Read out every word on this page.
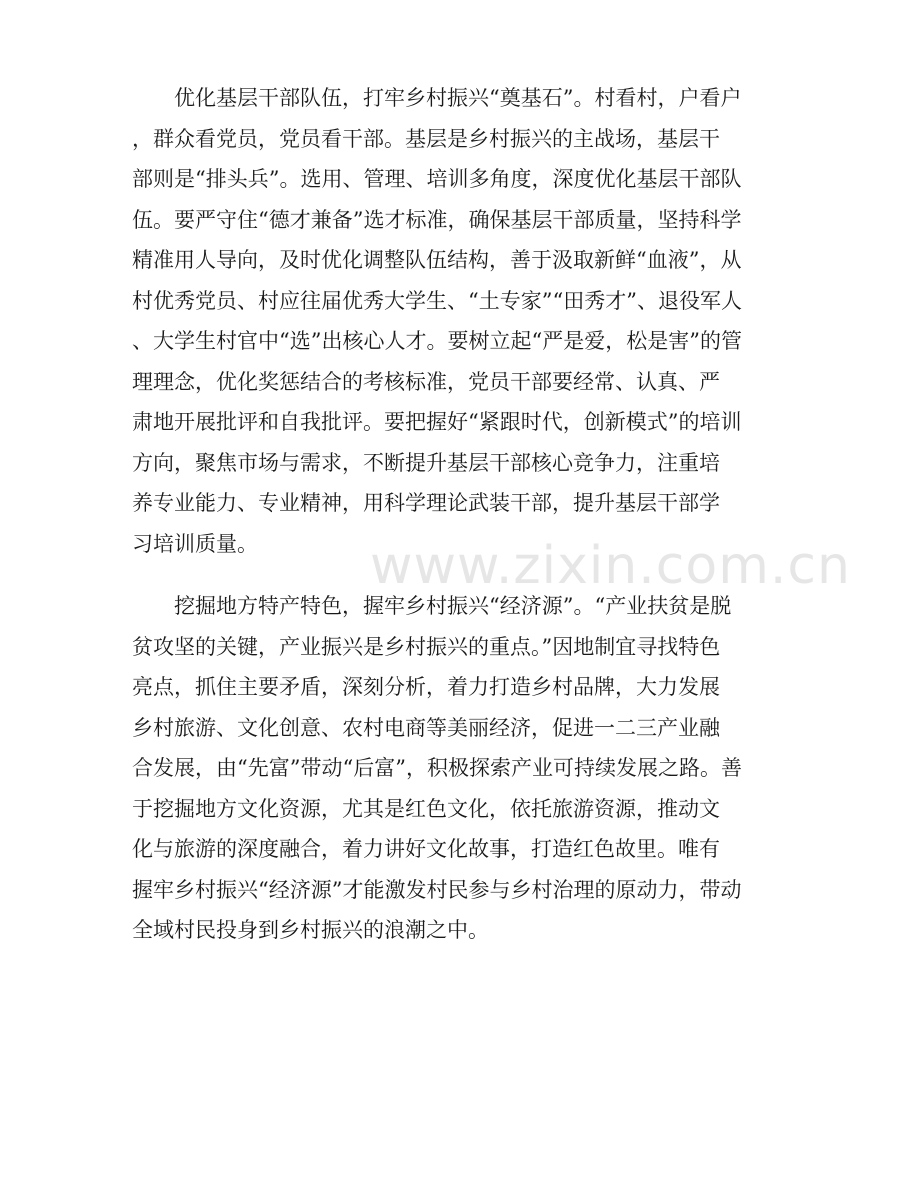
www.zixin.com.cn

　　优化基层干部队伍，打牢乡村振兴“奠基石”。村看村，户看户
，群众看党员，党员看干部。基层是乡村振兴的主战场，基层干
部则是“排头兵”。选用、管理、培训多角度，深度优化基层干部队
伍。要严守住“德才兼备”选才标准，确保基层干部质量，坚持科学
精准用人导向，及时优化调整队伍结构，善于汲取新鲜“血液”，从
村优秀党员、村应往届优秀大学生、“土专家”“田秀才”、退役军人
、大学生村官中“选”出核心人才。要树立起“严是爱，松是害”的管
理理念，优化奖惩结合的考核标准，党员干部要经常、认真、严
肃地开展批评和自我批评。要把握好“紧跟时代，创新模式”的培训
方向，聚焦市场与需求，不断提升基层干部核心竞争力，注重培
养专业能力、专业精神，用科学理论武装干部，提升基层干部学
习培训质量。

　　挖掘地方特产特色，握牢乡村振兴“经济源”。“产业扶贫是脱
贫攻坚的关键，产业振兴是乡村振兴的重点。”因地制宜寻找特色
亮点，抓住主要矛盾，深刻分析，着力打造乡村品牌，大力发展
乡村旅游、文化创意、农村电商等美丽经济，促进一二三产业融
合发展，由“先富”带动“后富”，积极探索产业可持续发展之路。善
于挖掘地方文化资源，尤其是红色文化，依托旅游资源，推动文
化与旅游的深度融合，着力讲好文化故事，打造红色故里。唯有
握牢乡村振兴“经济源”才能激发村民参与乡村治理的原动力，带动
全域村民投身到乡村振兴的浪潮之中。
